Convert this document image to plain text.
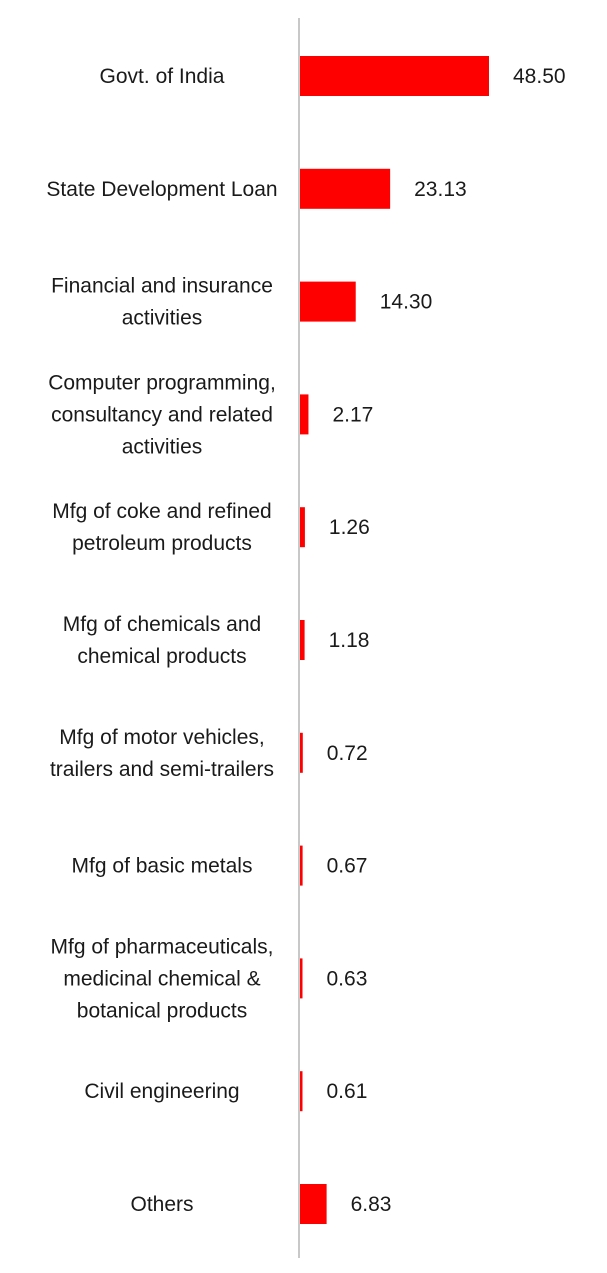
Govt. of India
State Development Loan
Financial and insurance activities
Computer programming, consultancy and related activities
Mfg of coke and refined petroleum products
Mfg of chemicals and chemical products
Mfg of motor vehicles, trailers and semi-trailers
Mfg of basic metals
Mfg of pharmaceuticals, medicinal chemical & botanical products
Civil engineering
Others
48.50
23.13
14.30
2.17
1.26
1.18
0.72
0.67
0.63
0.61
6.83
